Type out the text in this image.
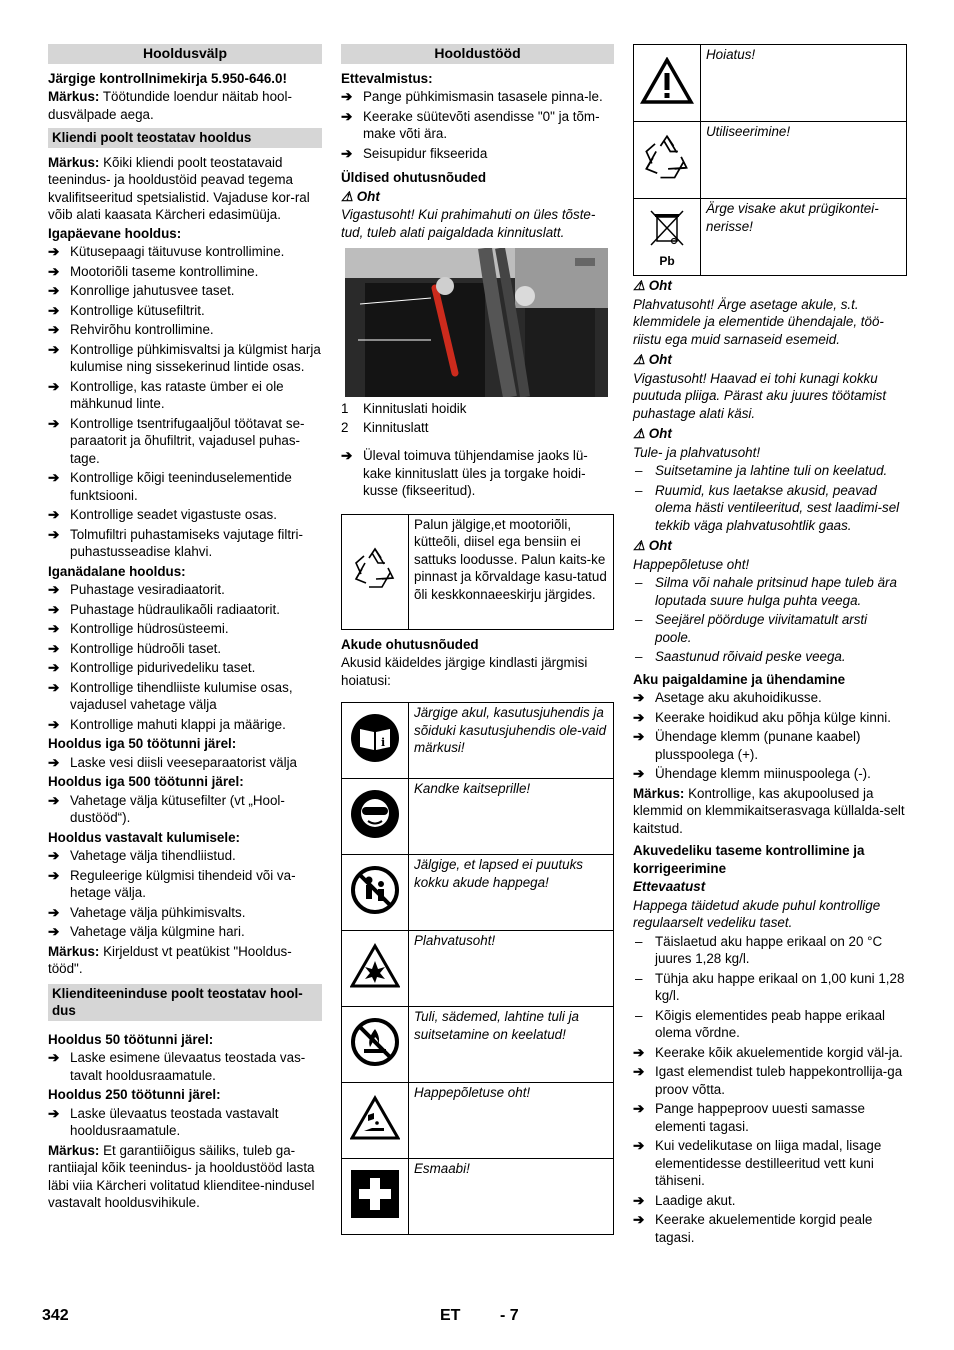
Hooldusvälp
Järgige kontrollnimekirja 5.950-646.0!
Märkus: Töötundide loendur näitab hool-dusvälpade aega.
Kliendi poolt teostatav hooldus
Märkus: Kõiki kliendi poolt teostatavaid teenindus- ja hooldustöid peavad tegema kvalifitseeritud spetsialistid. Vajaduse kor-ral võib alati kaasata Kärcheri edasimüüja.
Igapäevane hooldus:
➔ Kütusepaagi täituvuse kontrollimine.
➔ Mootoriõli taseme kontrollimine.
➔ Konrollige jahutusvee taset.
➔ Kontrollige kütusefiltrit.
➔ Rehvirõhu kontrollimine.
➔ Kontrollige pühkimisvaltsi ja külgmist harja kulumise ning sissekerinud lintide osas.
➔ Kontrollige, kas rataste ümber ei ole mähkunud linte.
➔ Kontrollige tsentrifugaaljõul töötavat se-paraatorit ja õhufiltrit, vajadusel puhas-tage.
➔ Kontrollige kõigi teeninduselementide funktsiooni.
➔ Kontrollige seadet vigastuste osas.
➔ Tolmufiltri puhastamiseks vajutage filtri-puhastusseadise klahvi.
Iganädalane hooldus:
➔ Puhastage vesiradiaatorit.
➔ Puhastage hüdraulikaõli radiaatorit.
➔ Kontrollige hüdrosüsteemi.
➔ Kontrollige hüdroõli taset.
➔ Kontrollige pidurivedeliku taset.
➔ Kontrollige tihendliiste kulumise osas, vajadusel vahetage välja
➔ Kontrollige mahuti klappi ja määrige.
Hooldus iga 50 töötunni järel:
➔ Laske vesi diisli veeseparaatorist välja
Hooldus iga 500 töötunni järel:
➔ Vahetage välja kütusefilter (vt „Hool-dustööd“).
Hooldus vastavalt kulumisele:
➔ Vahetage välja tihendliistud.
➔ Reguleerige külgmisi tihendeid või va-hetage välja.
➔ Vahetage välja pühkimisvalts.
➔ Vahetage välja külgmine hari.
Märkus: Kirjeldust vt peatükist "Hooldus-tööd".
Klienditeeninduse poolt teostatav hool-dus
Hooldus 50 töötunni järel:
➔ Laske esimene ülevaatus teostada vas-tavalt hooldusraamatule.
Hooldus 250 töötunni järel:
➔ Laske ülevaatus teostada vastavalt hooldusraamatule.
Märkus: Et garantiiõigus säiliks, tuleb ga-rantiiajal kõik teenindus- ja hooldustööd lasta läbi viia Kärcheri volitatud klienditee-nindusel vastavalt hooldusvihikule.
Hooldustööd
Ettevalmistus:
➔ Pange pühkimismasin tasasele pinna-le.
➔ Keerake süütevõti asendisse "0" ja tõm-make võti ära.
➔ Seisupidur fikseerida
Üldised ohutusnõuded
⚠ Oht
Vigastusoht! Kui prahimahuti on üles tõste-tud, tuleb alati paigaldada kinnituslatt.
1 Kinnituslati hoidik
2 Kinnituslatt
➔ Üleval toimuva tühjendamise jaoks lü-kake kinnituslatt üles ja torgake hoidi-kusse (fikseeritud).
	Palun jälgige,et mootoriõli, kütteõli, diisel ega bensiin ei sattuks loodusse. Palun kaits-ke pinnast ja kõrvaldage kasu-tatud õli keskkonnaeeskirju järgides.
Akude ohutusnõuded
Akusid käideldes järgige kindlasti järgmisi hoiatusi:
i	Järgige akul, kasutusjuhendis ja sõiduki kasutusjuhendis ole-vaid märkusi!
	Kandke kaitseprille!
	Jälgige, et lapsed ei puutuks kokku akude happega!
	Plahvatusoht!
	Tuli, sädemed, lahtine tuli ja suitsetamine on keelatud!
	Happepõletuse oht!
	Esmaabi!
	Hoiatus!
	Utiliseerimine!

Pb	Ärge visake akut prügikontei-nerisse!
⚠ Oht
Plahvatusoht! Ärge asetage akule, s.t. klemmidele ja elementide ühendajale, töö-riistu ega muid sarnaseid esemeid.
⚠ Oht
Vigastusoht! Haavad ei tohi kunagi kokku puutuda pliiga. Pärast aku juures töötamist puhastage alati käsi.
⚠ Oht
Tule- ja plahvatusoht!
– Suitsetamine ja lahtine tuli on keelatud.
– Ruumid, kus laetakse akusid, peavad olema hästi ventileeritud, sest laadimi-sel tekkib väga plahvatusohtlik gaas.
⚠ Oht
Happepõletuse oht!
– Silma või nahale pritsinud hape tuleb ära loputada suure hulga puhta veega.
– Seejärel pöörduge viivitamatult arsti poole.
– Saastunud rõivaid peske veega.
Aku paigaldamine ja ühendamine
➔ Asetage aku akuhoidikusse.
➔ Keerake hoidikud aku põhja külge kinni.
➔ Ühendage klemm (punane kaabel) plusspoolega (+).
➔ Ühendage klemm miinuspoolega (-).
Märkus: Kontrollige, kas akupoolused ja klemmid on klemmikaitserasvaga küllalda-selt kaitstud.
Akuvedeliku taseme kontrollimine ja korrigeerimine
Ettevaatust
Happega täidetud akude puhul kontrollige regulaarselt vedeliku taset.
– Täislaetud aku happe erikaal on 20 °C juures 1,28 kg/l.
– Tühja aku happe erikaal on 1,00 kuni 1,28 kg/l.
– Kõigis elementides peab happe erikaal olema võrdne.
➔ Keerake kõik akuelementide korgid väl-ja.
➔ Igast elemendist tuleb happekontrollija-ga proov võtta.
➔ Pange happeproov uuesti samasse elementi tagasi.
➔ Kui vedelikutase on liiga madal, lisage elementidesse destilleeritud vett kuni tähiseni.
➔ Laadige akut.
➔ Keerake akuelementide korgid peale tagasi.
342	ET - 7
